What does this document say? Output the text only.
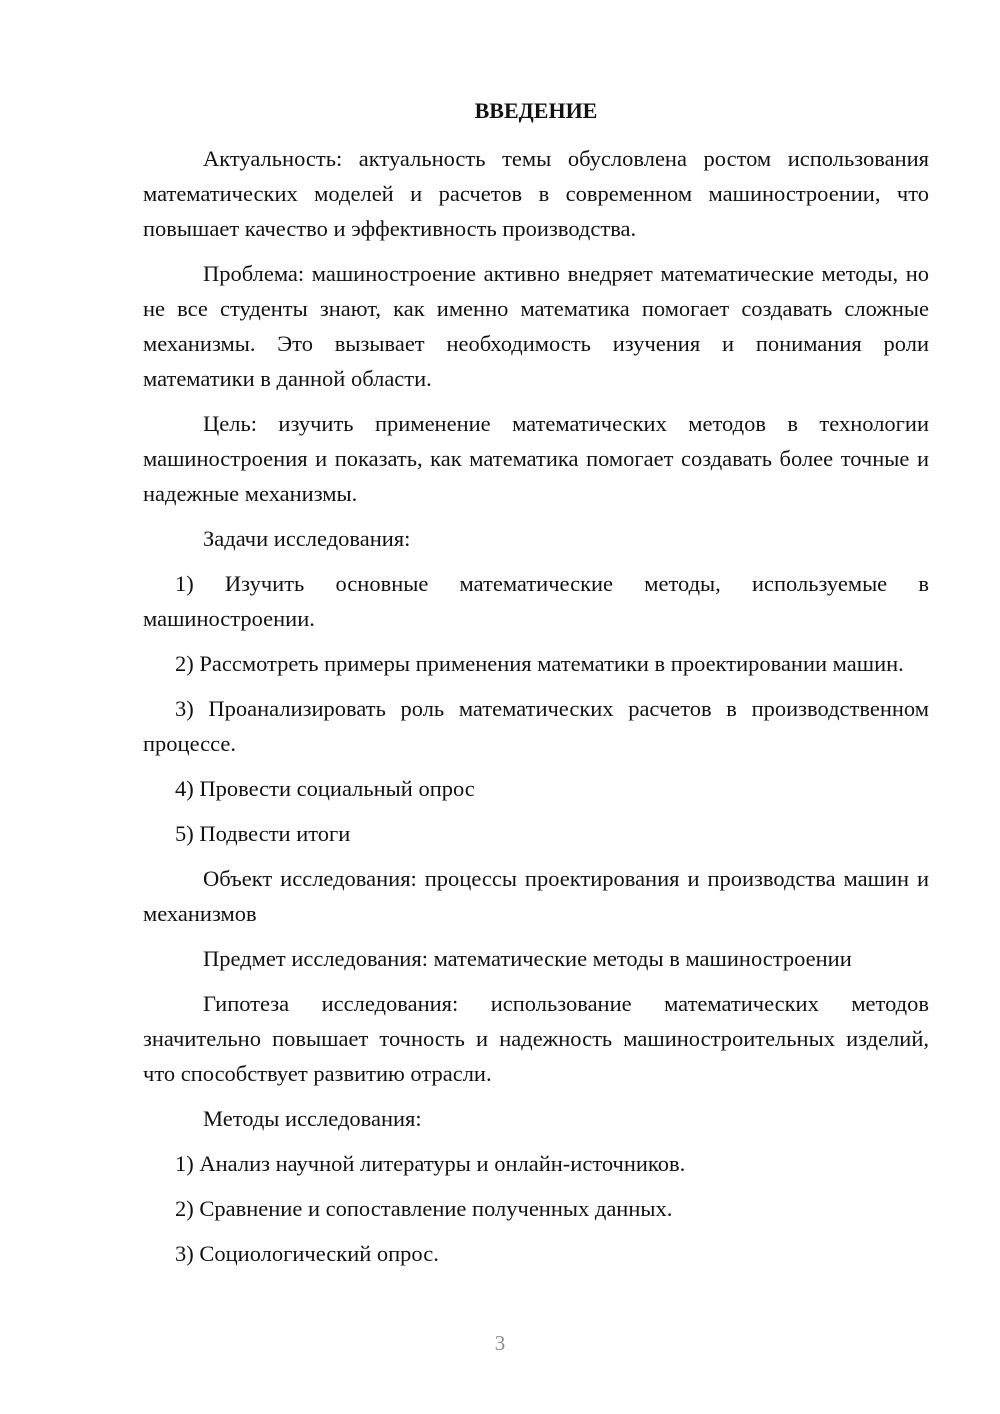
ВВЕДЕНИЕ

Актуальность: актуальность темы обусловлена ростом использования математических моделей и расчетов в современном машиностроении, что повышает качество и эффективность производства.

Проблема: машиностроение активно внедряет математические методы, но не все студенты знают, как именно математика помогает создавать сложные механизмы. Это вызывает необходимость изучения и понимания роли математики в данной области.

Цель: изучить применение математических методов в технологии машиностроения и показать, как математика помогает создавать более точные и надежные механизмы.

Задачи исследования:

1) Изучить основные математические методы, используемые в машиностроении.

2) Рассмотреть примеры применения математики в проектировании машин.

3) Проанализировать роль математических расчетов в производственном процессе.

4) Провести социальный опрос

5) Подвести итоги

Объект исследования: процессы проектирования и производства машин и механизмов

Предмет исследования: математические методы в машиностроении

Гипотеза исследования: использование математических методов значительно повышает точность и надежность машиностроительных изделий, что способствует развитию отрасли.

Методы исследования:

1) Анализ научной литературы и онлайн-источников.

2) Сравнение и сопоставление полученных данных.

3) Социологический опрос.

3
